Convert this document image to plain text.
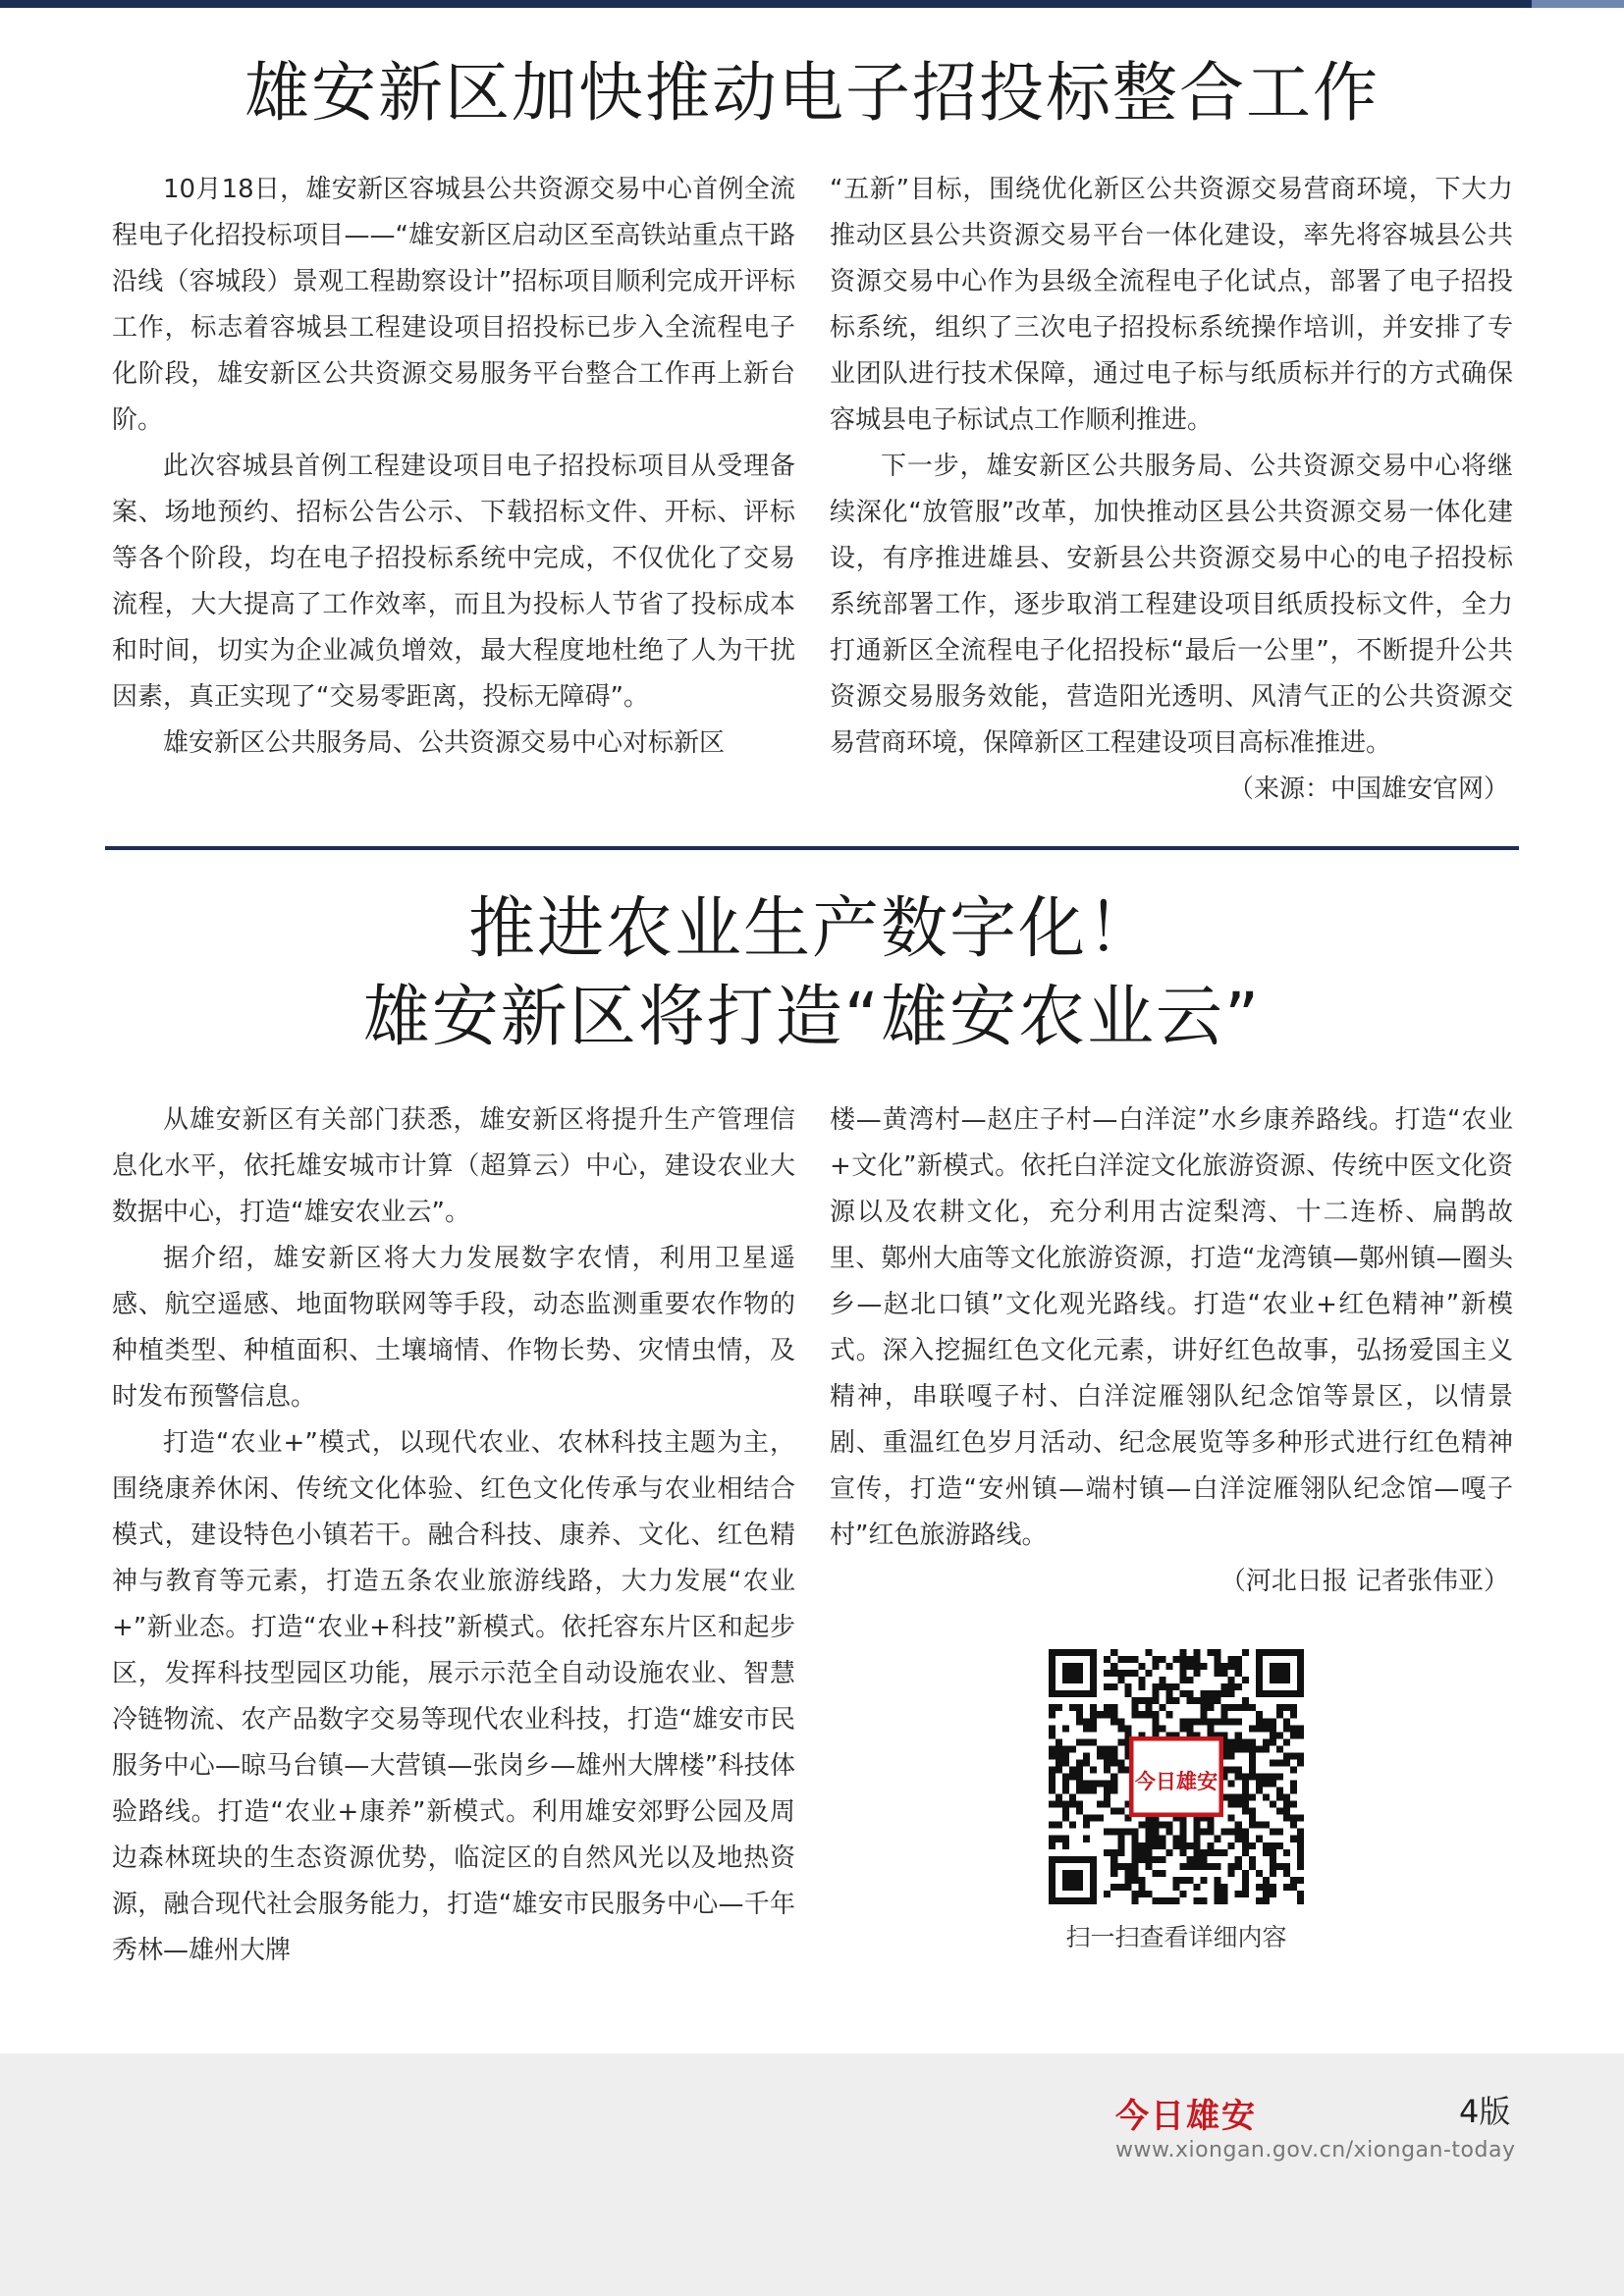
雄安新区加快推动电子招投标整合工作

10月18日，雄安新区容城县公共资源交易中心首例全流程电子化招投标项目——“雄安新区启动区至高铁站重点干路沿线（容城段）景观工程勘察设计”招标项目顺利完成开评标工作，标志着容城县工程建设项目招投标已步入全流程电子化阶段，雄安新区公共资源交易服务平台整合工作再上新台阶。

此次容城县首例工程建设项目电子招投标项目从受理备案、场地预约、招标公告公示、下载招标文件、开标、评标等各个阶段，均在电子招投标系统中完成，不仅优化了交易流程，大大提高了工作效率，而且为投标人节省了投标成本和时间，切实为企业减负增效，最大程度地杜绝了人为干扰因素，真正实现了“交易零距离，投标无障碍”。

雄安新区公共服务局、公共资源交易中心对标新区

“五新”目标，围绕优化新区公共资源交易营商环境，下大力推动区县公共资源交易平台一体化建设，率先将容城县公共资源交易中心作为县级全流程电子化试点，部署了电子招投标系统，组织了三次电子招投标系统操作培训，并安排了专业团队进行技术保障，通过电子标与纸质标并行的方式确保容城县电子标试点工作顺利推进。

下一步，雄安新区公共服务局、公共资源交易中心将继续深化“放管服”改革，加快推动区县公共资源交易一体化建设，有序推进雄县、安新县公共资源交易中心的电子招投标系统部署工作，逐步取消工程建设项目纸质投标文件，全力打通新区全流程电子化招投标“最后一公里”，不断提升公共资源交易服务效能，营造阳光透明、风清气正的公共资源交易营商环境，保障新区工程建设项目高标准推进。

（来源：中国雄安官网）

推进农业生产数字化！
雄安新区将打造“雄安农业云”

从雄安新区有关部门获悉，雄安新区将提升生产管理信息化水平，依托雄安城市计算（超算云）中心，建设农业大数据中心，打造“雄安农业云”。

据介绍，雄安新区将大力发展数字农情，利用卫星遥感、航空遥感、地面物联网等手段，动态监测重要农作物的种植类型、种植面积、土壤墒情、作物长势、灾情虫情，及时发布预警信息。

打造“农业+”模式，以现代农业、农林科技主题为主，围绕康养休闲、传统文化体验、红色文化传承与农业相结合模式，建设特色小镇若干。融合科技、康养、文化、红色精神与教育等元素，打造五条农业旅游线路，大力发展“农业+”新业态。打造“农业+科技”新模式。依托容东片区和起步区，发挥科技型园区功能，展示示范全自动设施农业、智慧冷链物流、农产品数字交易等现代农业科技，打造“雄安市民服务中心—晾马台镇—大营镇—张岗乡—雄州大牌楼”科技体验路线。打造“农业+康养”新模式。利用雄安郊野公园及周边森林斑块的生态资源优势，临淀区的自然风光以及地热资源，融合现代社会服务能力，打造“雄安市民服务中心—千年秀林—雄州大牌

楼—黄湾村—赵庄子村—白洋淀”水乡康养路线。打造“农业+文化”新模式。依托白洋淀文化旅游资源、传统中医文化资源以及农耕文化，充分利用古淀梨湾、十二连桥、扁鹊故里、鄚州大庙等文化旅游资源，打造“龙湾镇—鄚州镇—圈头乡—赵北口镇”文化观光路线。打造“农业+红色精神”新模式。深入挖掘红色文化元素，讲好红色故事，弘扬爱国主义精神，串联嘎子村、白洋淀雁翎队纪念馆等景区，以情景剧、重温红色岁月活动、纪念展览等多种形式进行红色精神宣传，打造“安州镇—端村镇—白洋淀雁翎队纪念馆—嘎子村”红色旅游路线。

（河北日报 记者张伟亚）

今日雄安
扫一扫查看详细内容
今日雄安	4版
www.xiongan.gov.cn/xiongan-today
